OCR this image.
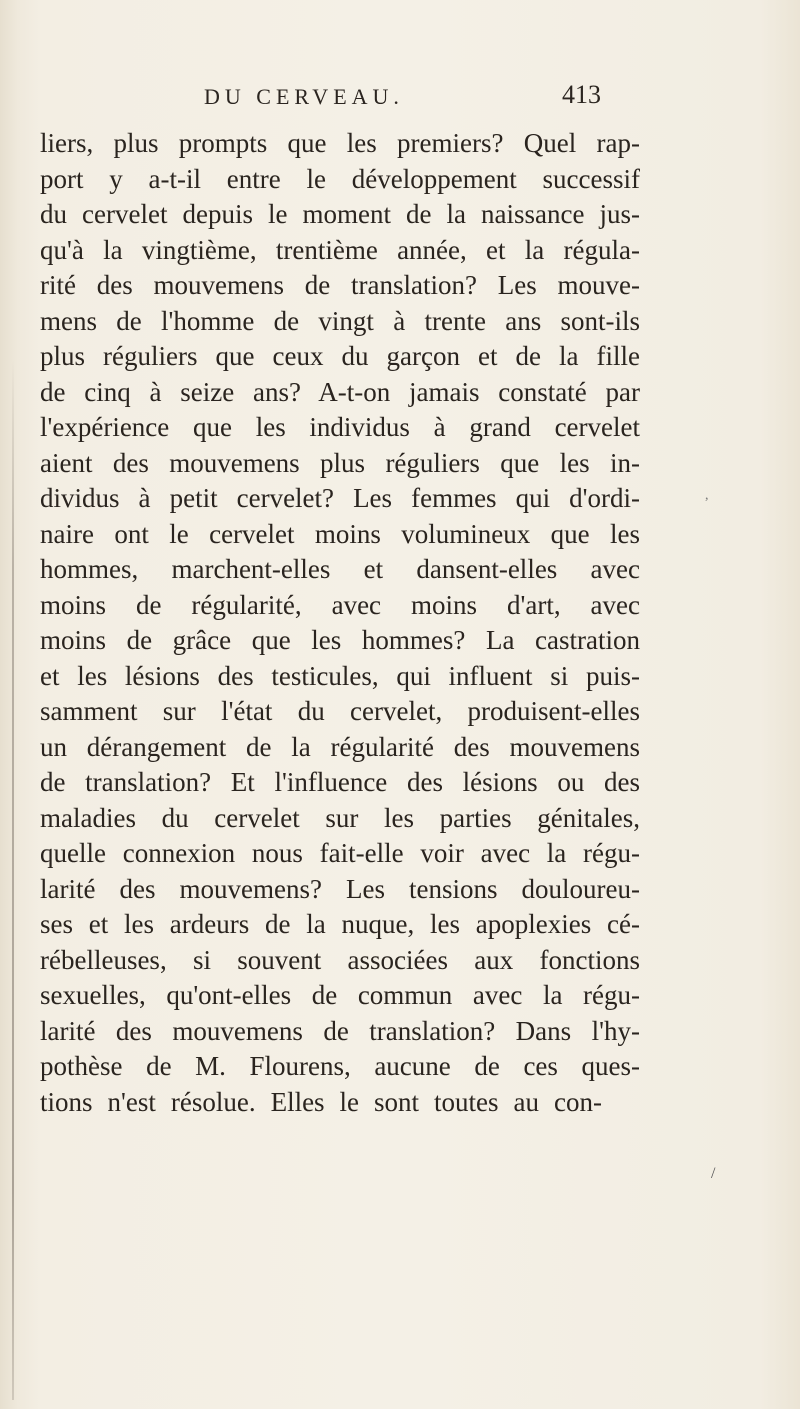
DU CERVEAU.	413
liers, plus prompts que les premiers? Quel rap-
port y a-t-il entre le développement successif
du cervelet depuis le moment de la naissance jus-
qu'à la vingtième, trentième année, et la régula-
rité des mouvemens de translation? Les mouve-
mens de l'homme de vingt à trente ans sont-ils
plus réguliers que ceux du garçon et de la fille
de cinq à seize ans? A-t-on jamais constaté par
l'expérience que les individus à grand cervelet
aient des mouvemens plus réguliers que les in-
dividus à petit cervelet? Les femmes qui d'ordi-
naire ont le cervelet moins volumineux que les
hommes, marchent-elles et dansent-elles avec
moins de régularité, avec moins d'art, avec
moins de grâce que les hommes? La castration
et les lésions des testicules, qui influent si puis-
samment sur l'état du cervelet, produisent-elles
un dérangement de la régularité des mouvemens
de translation? Et l'influence des lésions ou des
maladies du cervelet sur les parties génitales,
quelle connexion nous fait-elle voir avec la régu-
larité des mouvemens? Les tensions douloureu-
ses et les ardeurs de la nuque, les apoplexies cé-
rébelleuses, si souvent associées aux fonctions
sexuelles, qu'ont-elles de commun avec la régu-
larité des mouvemens de translation? Dans l'hy-
pothèse de M. Flourens, aucune de ces ques-
tions n'est résolue. Elles le sont toutes au con-
,
/
